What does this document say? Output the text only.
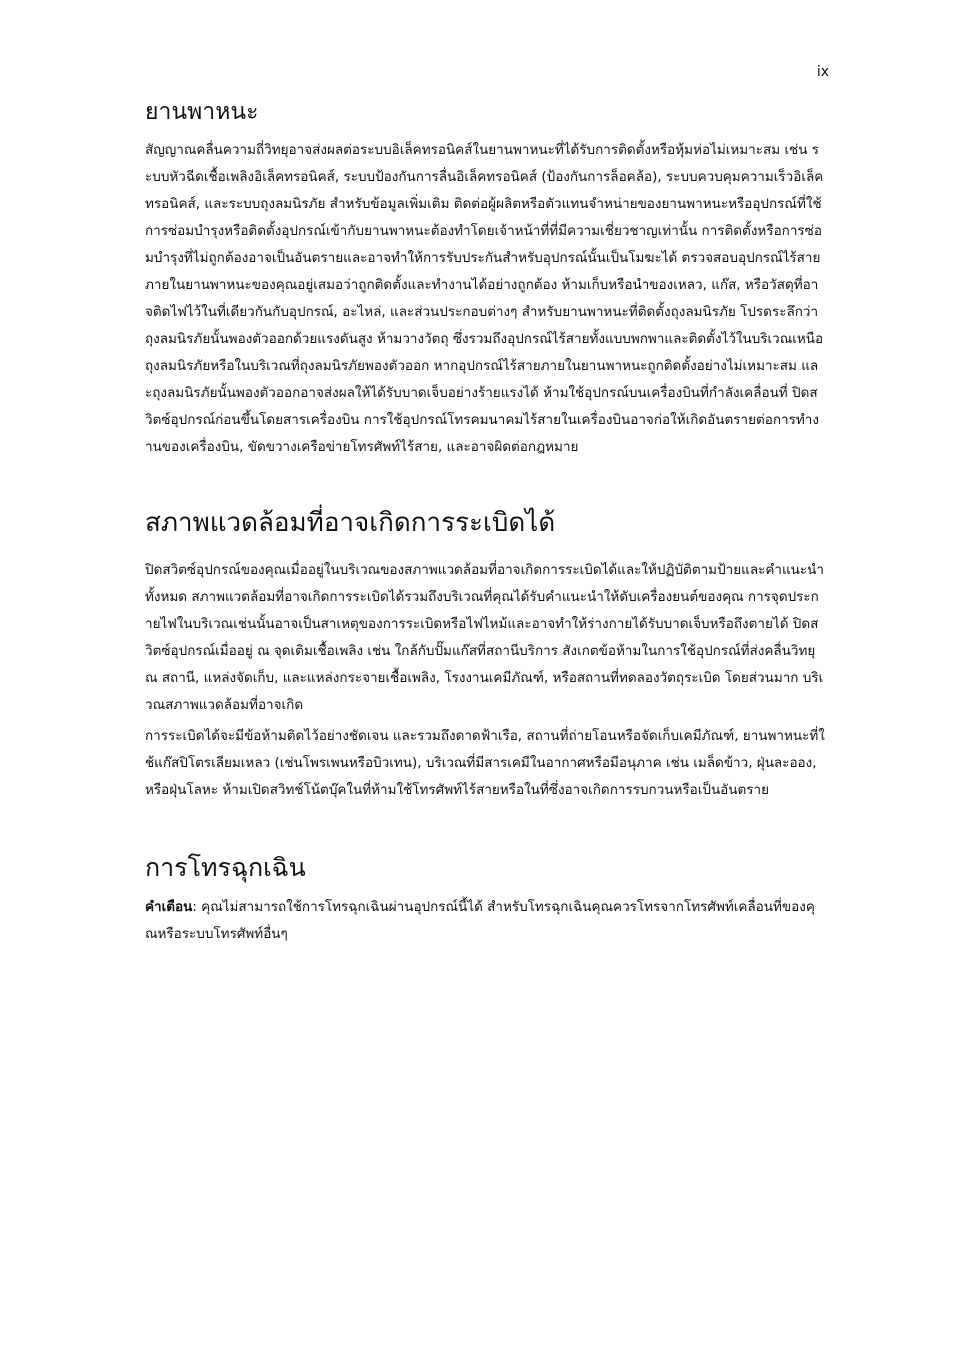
ix
ยานพาหนะ

สัญญาณคลื่นความถี่วิทยุอาจส่งผลต่อระบบอิเล็คทรอนิคส์ในยานพาหนะที่ได้รับการติดตั้งหรือหุ้มห่อไม่เหมาะสม เช่น ระบบหัวฉีดเชื้อเพลิงอิเล็คทรอนิคส์, ระบบป้องกันการลื่นอิเล็คทรอนิคส์ (ป้องกันการล็อคล้อ), ระบบควบคุมความเร็วอิเล็คทรอนิคส์, และระบบถุงลมนิรภัย สำหรับข้อมูลเพิ่มเติม ติดต่อผู้ผลิตหรือตัวแทนจำหน่ายของยานพาหนะหรืออุปกรณ์ที่ใช้ การซ่อมบำรุงหรือติดตั้งอุปกรณ์เข้ากับยานพาหนะต้องทำโดยเจ้าหน้าที่ที่มีความเชี่ยวชาญเท่านั้น การติดตั้งหรือการซ่อมบำรุงที่ไม่ถูกต้องอาจเป็นอันตรายและอาจทำให้การรับประกันสำหรับอุปกรณ์นั้นเป็นโมฆะได้ ตรวจสอบอุปกรณ์ไร้สายภายในยานพาหนะของคุณอยู่เสมอว่าถูกติดตั้งและทำงานได้อย่างถูกต้อง ห้ามเก็บหรือนำของเหลว, แก๊ส, หรือวัสดุที่อาจติดไฟไว้ในที่เดียวกันกับอุปกรณ์, อะไหล่, และส่วนประกอบต่างๆ สำหรับยานพาหนะที่ติดตั้งถุงลมนิรภัย โปรดระลึกว่าถุงลมนิรภัยนั้นพองตัวออกด้วยแรงดันสูง ห้ามวางวัตถุ ซึ่งรวมถึงอุปกรณ์ไร้สายทั้งแบบพกพาและติดตั้งไว้ในบริเวณเหนือถุงลมนิรภัยหรือในบริเวณที่ถุงลมนิรภัยพองตัวออก หากอุปกรณ์ไร้สายภายในยานพาหนะถูกติดตั้งอย่างไม่เหมาะสม และถุงลมนิรภัยนั้นพองตัวออกอาจส่งผลให้ได้รับบาดเจ็บอย่างร้ายแรงได้ ห้ามใช้อุปกรณ์บนเครื่องบินที่กำลังเคลื่อนที่ ปิดสวิตซ์อุปกรณ์ก่อนขึ้นโดยสารเครื่องบิน การใช้อุปกรณ์โทรคมนาคมไร้สายในเครื่องบินอาจก่อให้เกิดอันตรายต่อการทำงานของเครื่องบิน, ขัดขวางเครือข่ายโทรศัพท์ไร้สาย, และอาจผิดต่อกฎหมาย

สภาพแวดล้อมที่อาจเกิดการระเบิดได้

ปิดสวิตซ์อุปกรณ์ของคุณเมื่ออยู่ในบริเวณของสภาพแวดล้อมที่อาจเกิดการระเบิดได้และให้ปฏิบัติตามป้ายและคำแนะนำทั้งหมด สภาพแวดล้อมที่อาจเกิดการระเบิดได้รวมถึงบริเวณที่คุณได้รับคำแนะนำให้ดับเครื่องยนต์ของคุณ การจุดประกายไฟในบริเวณเช่นนั้นอาจเป็นสาเหตุของการระเบิดหรือไฟไหม้และอาจทำให้ร่างกายได้รับบาดเจ็บหรือถึงตายได้ ปิดสวิตซ์อุปกรณ์เมื่ออยู่ ณ จุดเติมเชื้อเพลิง เช่น ใกล้กับปั๊มแก๊สที่สถานีบริการ สังเกตข้อห้ามในการใช้อุปกรณ์ที่ส่งคลื่นวิทยุ ณ สถานี, แหล่งจัดเก็บ, และแหล่งกระจายเชื้อเพลิง, โรงงานเคมีภัณฑ์, หรือสถานที่ทดลองวัตถุระเบิด โดยส่วนมาก บริเวณสภาพแวดล้อมที่อาจเกิด

การระเบิดได้จะมีข้อห้ามติดไว้อย่างชัดเจน และรวมถึงดาดฟ้าเรือ, สถานที่ถ่ายโอนหรือจัดเก็บเคมีภัณฑ์, ยานพาหนะที่ใช้แก๊สปิโตรเลียมเหลว (เช่นโพรเพนหรือบิวเทน), บริเวณที่มีสารเคมีในอากาศหรือมีอนุภาค เช่น เมล็ดข้าว, ฝุ่นละออง, หรือฝุ่นโลหะ ห้ามเปิดสวิทช์โน้ตบุ๊คในที่ห้ามใช้โทรศัพท์ไร้สายหรือในที่ซึ่งอาจเกิดการรบกวนหรือเป็นอันตราย

การโทรฉุกเฉิน

คำเตือน: คุณไม่สามารถใช้การโทรฉุกเฉินผ่านอุปกรณ์นี้ได้ สำหรับโทรฉุกเฉินคุณควรโทรจากโทรศัพท์เคลื่อนที่ของคุณหรือระบบโทรศัพท์อื่นๆ
